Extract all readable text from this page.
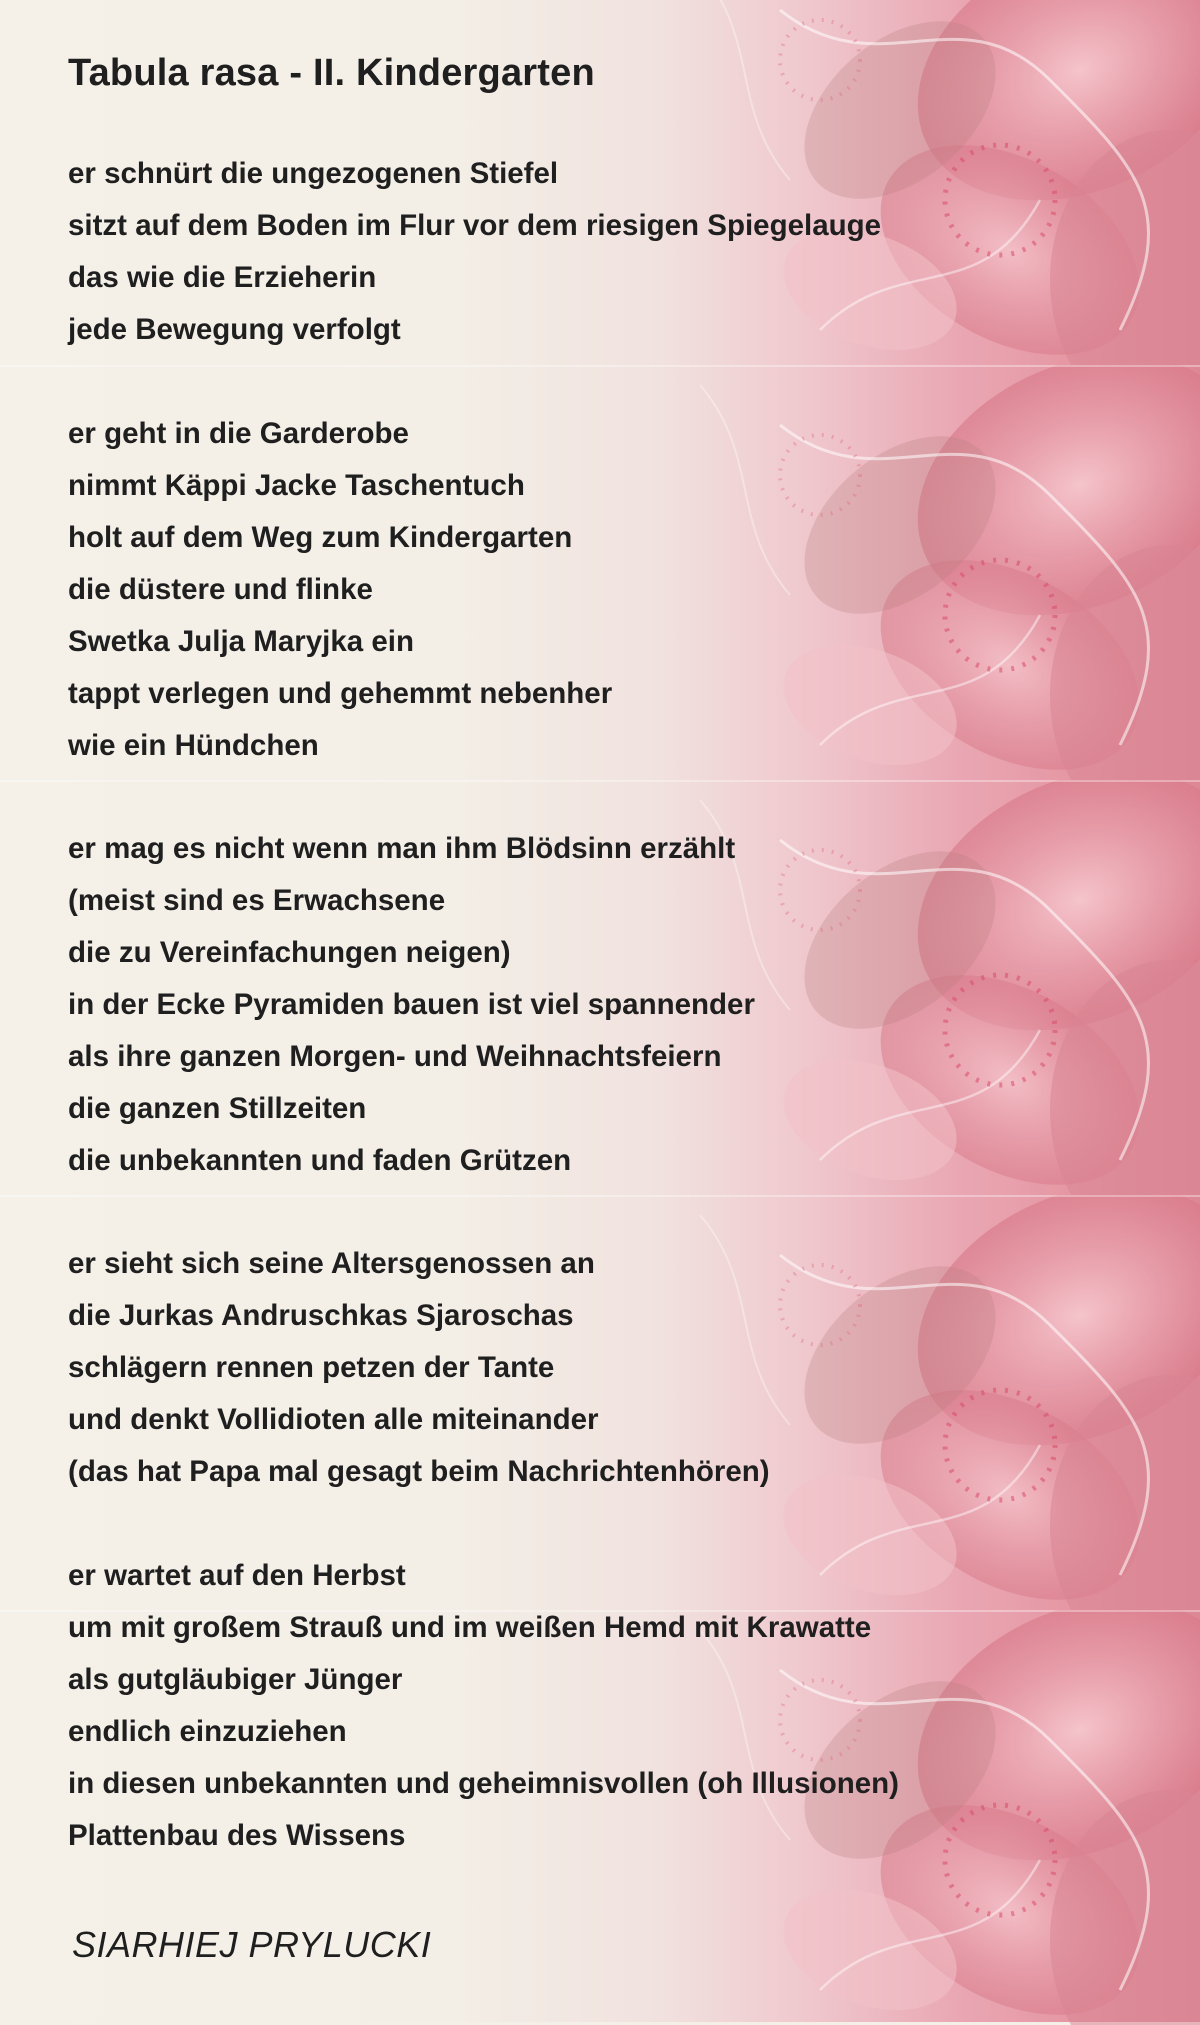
Tabula rasa - II. Kindergarten
er schnürt die ungezogenen Stiefel
sitzt auf dem Boden im Flur vor dem riesigen Spiegelauge
das wie die Erzieherin
jede Bewegung verfolgt
er geht in die Garderobe
nimmt Käppi Jacke Taschentuch
holt auf dem Weg zum Kindergarten
die düstere und flinke
Swetka Julja Maryjka ein
tappt verlegen und gehemmt nebenher
wie ein Hündchen
er mag es nicht wenn man ihm Blödsinn erzählt
(meist sind es Erwachsene
die zu Vereinfachungen neigen)
in der Ecke Pyramiden bauen ist viel spannender
als ihre ganzen Morgen- und Weihnachtsfeiern
die ganzen Stillzeiten
die unbekannten und faden Grützen
er sieht sich seine Altersgenossen an
die Jurkas Andruschkas Sjaroschas
schlägern rennen petzen der Tante
und denkt Vollidioten alle miteinander
(das hat Papa mal gesagt beim Nachrichtenhören)
er wartet auf den Herbst
um mit großem Strauß und im weißen Hemd mit Krawatte
als gutgläubiger Jünger
endlich einzuziehen
in diesen unbekannten und geheimnisvollen (oh Illusionen)
Plattenbau des Wissens
SIARHIEJ PRYLUCKI
